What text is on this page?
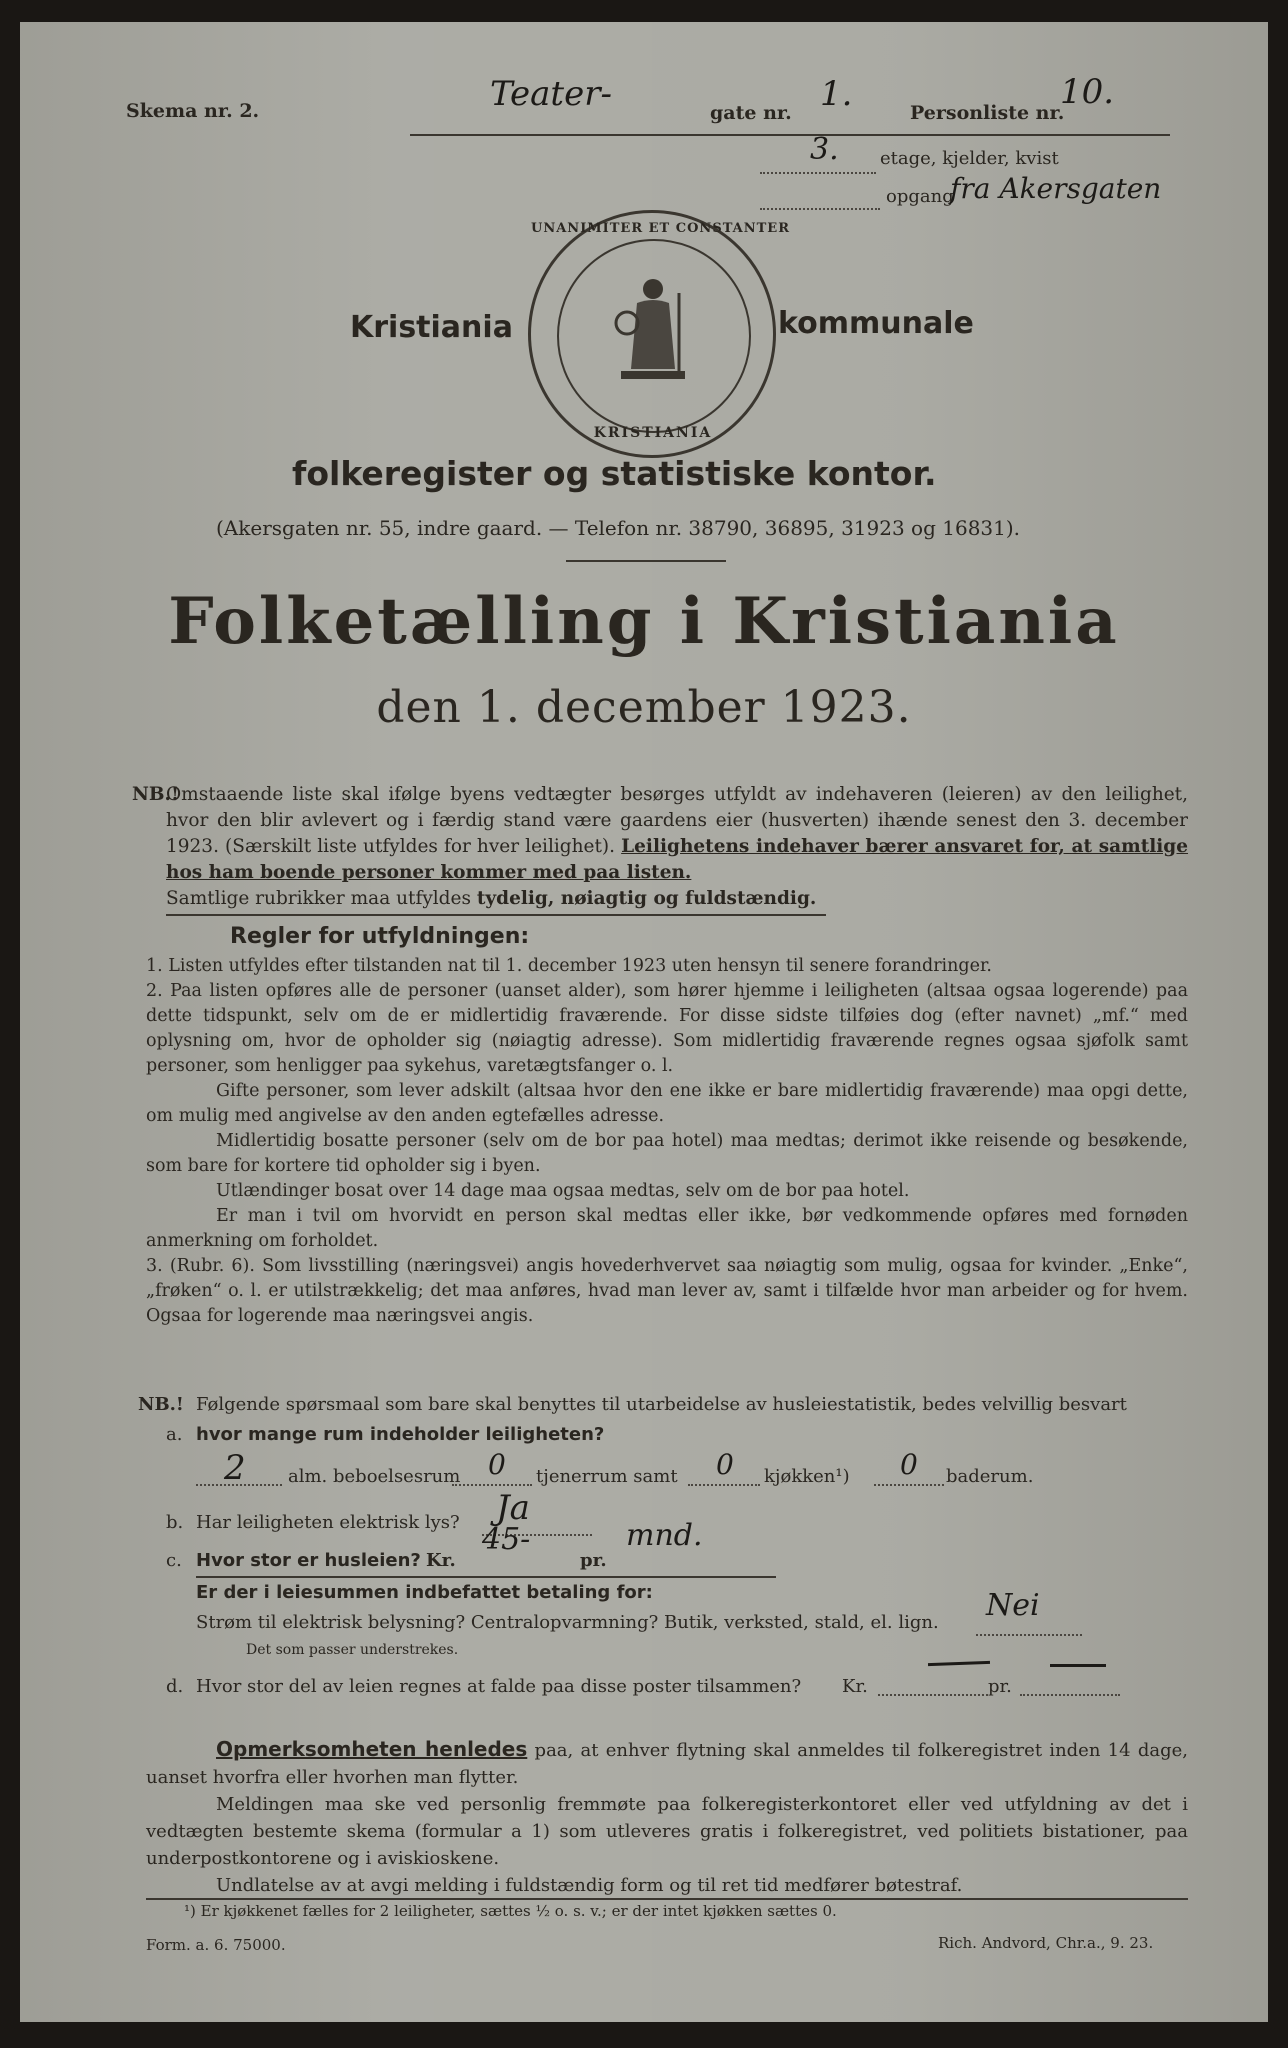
Skema nr. 2.	Teater-	gate nr. 1.	Personliste nr.
10.
3. etage, kjelder, kvist
opgang
fra Akersgaten
Kristiania
UNANIMITER ET CONSTANTER
KRISTIANIA
kommunale
folkeregister og statistiske kontor.
(Akersgaten nr. 55, indre gaard. — Telefon nr. 38790, 36895, 31923 og 16831).
Folketælling i Kristiania
den 1. december 1923.
NB.!

Omstaaende liste skal ifølge byens vedtægter besørges utfyldt av indehaveren (leieren) av den leilighet, hvor den blir avlevert og i færdig stand være gaardens eier (husverten) ihænde senest den 3. december 1923. (Særskilt liste utfyldes for hver leilighet). Leilighetens indehaver bærer ansvaret for, at samtlige hos ham boende personer kommer med paa listen.

Samtlige rubrikker maa utfyldes tydelig, nøiagtig og fuldstændig.

Regler for utfyldningen:

1. Listen utfyldes efter tilstanden nat til 1. december 1923 uten hensyn til senere forandringer.

2. Paa listen opføres alle de personer (uanset alder), som hører hjemme i leiligheten (altsaa ogsaa logerende) paa dette tidspunkt, selv om de er midlertidig fraværende. For disse sidste tilføies dog (efter navnet) „mf.“ med oplysning om, hvor de opholder sig (nøiagtig adresse). Som midlertidig fraværende regnes ogsaa sjøfolk samt personer, som henligger paa sykehus, varetægtsfanger o. l.

Gifte personer, som lever adskilt (altsaa hvor den ene ikke er bare midlertidig fraværende) maa opgi dette, om mulig med angivelse av den anden egtefælles adresse.

Midlertidig bosatte personer (selv om de bor paa hotel) maa medtas; derimot ikke reisende og besøkende, som bare for kortere tid opholder sig i byen.

Utlændinger bosat over 14 dage maa ogsaa medtas, selv om de bor paa hotel.

Er man i tvil om hvorvidt en person skal medtas eller ikke, bør vedkommende opføres med fornøden anmerkning om forholdet.

3. (Rubr. 6). Som livsstilling (næringsvei) angis hovederhvervet saa nøiagtig som mulig, ogsaa for kvinder. „Enke“, „frøken“ o. l. er utilstrækkelig; det maa anføres, hvad man lever av, samt i tilfælde hvor man arbeider og for hvem. Ogsaa for logerende maa næringsvei angis.

NB.! Følgende spørsmaal som bare skal benyttes til utarbeidelse av husleiestatistik, bedes velvillig besvart
a. hvor mange rum indeholder leiligheten?
2 alm. beboelsesrum 0 tjenerrum samt 0 kjøkken¹) 0 baderum.
b. Har leiligheten elektrisk lys? Ja
c. Hvor stor er husleien? Kr.
45-
pr.
mnd.
Er der i leiesummen indbefattet betaling for:
Strøm til elektrisk belysning? Centralopvarmning? Butik, verksted, stald, el. lign. Nei
Det som passer understrekes.
d. Hvor stor del av leien regnes at falde paa disse poster tilsammen? Kr.	pr.

Opmerksomheten henledes paa, at enhver flytning skal anmeldes til folkeregistret inden 14 dage, uanset hvorfra eller hvorhen man flytter.

Meldingen maa ske ved personlig fremmøte paa folkeregisterkontoret eller ved utfyldning av det i vedtægten bestemte skema (formular a 1) som utleveres gratis i folkeregistret, ved politiets bistationer, paa underpostkontorene og i aviskioskene.

Undlatelse av at avgi melding i fuldstændig form og til ret tid medfører bøtestraf.

¹) Er kjøkkenet fælles for 2 leiligheter, sættes ½ o. s. v.; er der intet kjøkken sættes 0.
Form. a. 6. 75000.	Rich. Andvord, Chr.a., 9. 23.
